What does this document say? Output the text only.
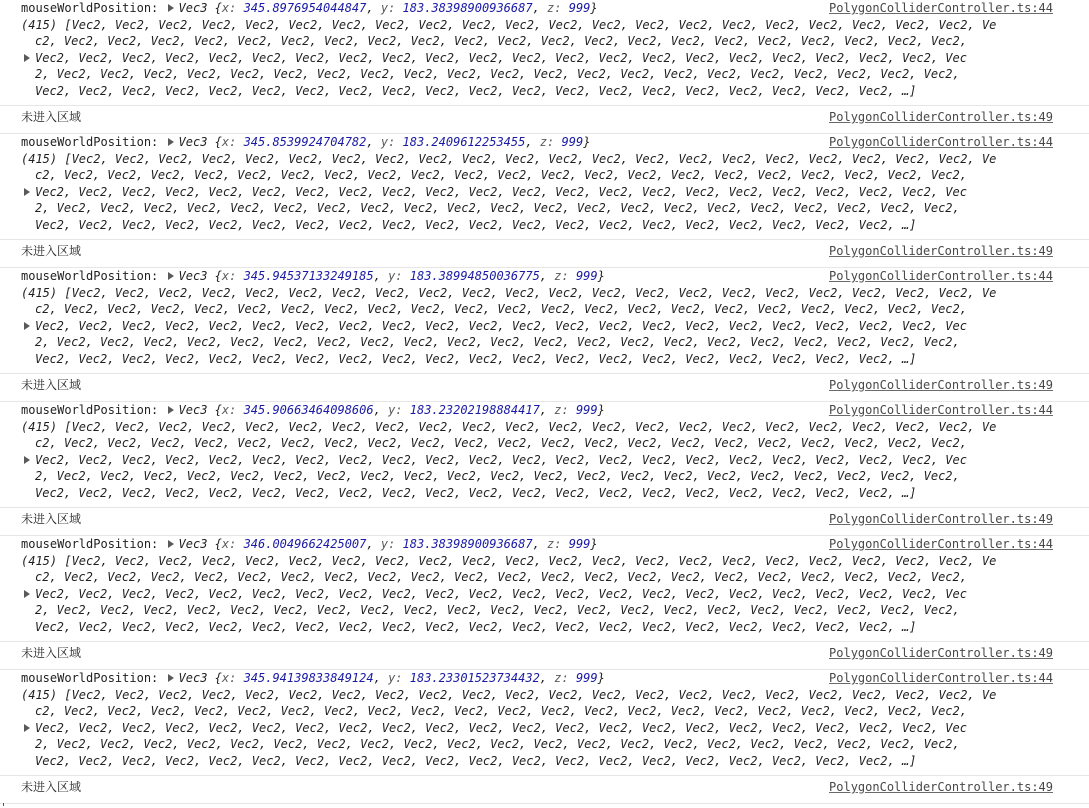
mouseWorldPosition: Vec3 {x: 345.8976954044847, y: 183.38398900936687, z: 999}	PolygonColliderController.ts:44
(415) [Vec2, Vec2, Vec2, Vec2, Vec2, Vec2, Vec2, Vec2, Vec2, Vec2, Vec2, Vec2, Vec2, Vec2, Vec2, Vec2, Vec2, Vec2, Vec2, Vec2, Vec2, Ve
c2, Vec2, Vec2, Vec2, Vec2, Vec2, Vec2, Vec2, Vec2, Vec2, Vec2, Vec2, Vec2, Vec2, Vec2, Vec2, Vec2, Vec2, Vec2, Vec2, Vec2, Vec2,
Vec2, Vec2, Vec2, Vec2, Vec2, Vec2, Vec2, Vec2, Vec2, Vec2, Vec2, Vec2, Vec2, Vec2, Vec2, Vec2, Vec2, Vec2, Vec2, Vec2, Vec2, Vec
2, Vec2, Vec2, Vec2, Vec2, Vec2, Vec2, Vec2, Vec2, Vec2, Vec2, Vec2, Vec2, Vec2, Vec2, Vec2, Vec2, Vec2, Vec2, Vec2, Vec2, Vec2,
Vec2, Vec2, Vec2, Vec2, Vec2, Vec2, Vec2, Vec2, Vec2, Vec2, Vec2, Vec2, Vec2, Vec2, Vec2, Vec2, Vec2, Vec2, Vec2, Vec2, …]
未进入区域	PolygonColliderController.ts:49
mouseWorldPosition: Vec3 {x: 345.8539924704782, y: 183.2409612253455, z: 999}	PolygonColliderController.ts:44
(415) [Vec2, Vec2, Vec2, Vec2, Vec2, Vec2, Vec2, Vec2, Vec2, Vec2, Vec2, Vec2, Vec2, Vec2, Vec2, Vec2, Vec2, Vec2, Vec2, Vec2, Vec2, Ve
c2, Vec2, Vec2, Vec2, Vec2, Vec2, Vec2, Vec2, Vec2, Vec2, Vec2, Vec2, Vec2, Vec2, Vec2, Vec2, Vec2, Vec2, Vec2, Vec2, Vec2, Vec2,
Vec2, Vec2, Vec2, Vec2, Vec2, Vec2, Vec2, Vec2, Vec2, Vec2, Vec2, Vec2, Vec2, Vec2, Vec2, Vec2, Vec2, Vec2, Vec2, Vec2, Vec2, Vec
2, Vec2, Vec2, Vec2, Vec2, Vec2, Vec2, Vec2, Vec2, Vec2, Vec2, Vec2, Vec2, Vec2, Vec2, Vec2, Vec2, Vec2, Vec2, Vec2, Vec2, Vec2,
Vec2, Vec2, Vec2, Vec2, Vec2, Vec2, Vec2, Vec2, Vec2, Vec2, Vec2, Vec2, Vec2, Vec2, Vec2, Vec2, Vec2, Vec2, Vec2, Vec2, …]
未进入区域	PolygonColliderController.ts:49
mouseWorldPosition: Vec3 {x: 345.94537133249185, y: 183.38994850036775, z: 999}	PolygonColliderController.ts:44
(415) [Vec2, Vec2, Vec2, Vec2, Vec2, Vec2, Vec2, Vec2, Vec2, Vec2, Vec2, Vec2, Vec2, Vec2, Vec2, Vec2, Vec2, Vec2, Vec2, Vec2, Vec2, Ve
c2, Vec2, Vec2, Vec2, Vec2, Vec2, Vec2, Vec2, Vec2, Vec2, Vec2, Vec2, Vec2, Vec2, Vec2, Vec2, Vec2, Vec2, Vec2, Vec2, Vec2, Vec2,
Vec2, Vec2, Vec2, Vec2, Vec2, Vec2, Vec2, Vec2, Vec2, Vec2, Vec2, Vec2, Vec2, Vec2, Vec2, Vec2, Vec2, Vec2, Vec2, Vec2, Vec2, Vec
2, Vec2, Vec2, Vec2, Vec2, Vec2, Vec2, Vec2, Vec2, Vec2, Vec2, Vec2, Vec2, Vec2, Vec2, Vec2, Vec2, Vec2, Vec2, Vec2, Vec2, Vec2,
Vec2, Vec2, Vec2, Vec2, Vec2, Vec2, Vec2, Vec2, Vec2, Vec2, Vec2, Vec2, Vec2, Vec2, Vec2, Vec2, Vec2, Vec2, Vec2, Vec2, …]
未进入区域	PolygonColliderController.ts:49
mouseWorldPosition: Vec3 {x: 345.90663464098606, y: 183.23202198884417, z: 999}	PolygonColliderController.ts:44
(415) [Vec2, Vec2, Vec2, Vec2, Vec2, Vec2, Vec2, Vec2, Vec2, Vec2, Vec2, Vec2, Vec2, Vec2, Vec2, Vec2, Vec2, Vec2, Vec2, Vec2, Vec2, Ve
c2, Vec2, Vec2, Vec2, Vec2, Vec2, Vec2, Vec2, Vec2, Vec2, Vec2, Vec2, Vec2, Vec2, Vec2, Vec2, Vec2, Vec2, Vec2, Vec2, Vec2, Vec2,
Vec2, Vec2, Vec2, Vec2, Vec2, Vec2, Vec2, Vec2, Vec2, Vec2, Vec2, Vec2, Vec2, Vec2, Vec2, Vec2, Vec2, Vec2, Vec2, Vec2, Vec2, Vec
2, Vec2, Vec2, Vec2, Vec2, Vec2, Vec2, Vec2, Vec2, Vec2, Vec2, Vec2, Vec2, Vec2, Vec2, Vec2, Vec2, Vec2, Vec2, Vec2, Vec2, Vec2,
Vec2, Vec2, Vec2, Vec2, Vec2, Vec2, Vec2, Vec2, Vec2, Vec2, Vec2, Vec2, Vec2, Vec2, Vec2, Vec2, Vec2, Vec2, Vec2, Vec2, …]
未进入区域	PolygonColliderController.ts:49
mouseWorldPosition: Vec3 {x: 346.0049662425007, y: 183.38398900936687, z: 999}	PolygonColliderController.ts:44
(415) [Vec2, Vec2, Vec2, Vec2, Vec2, Vec2, Vec2, Vec2, Vec2, Vec2, Vec2, Vec2, Vec2, Vec2, Vec2, Vec2, Vec2, Vec2, Vec2, Vec2, Vec2, Ve
c2, Vec2, Vec2, Vec2, Vec2, Vec2, Vec2, Vec2, Vec2, Vec2, Vec2, Vec2, Vec2, Vec2, Vec2, Vec2, Vec2, Vec2, Vec2, Vec2, Vec2, Vec2,
Vec2, Vec2, Vec2, Vec2, Vec2, Vec2, Vec2, Vec2, Vec2, Vec2, Vec2, Vec2, Vec2, Vec2, Vec2, Vec2, Vec2, Vec2, Vec2, Vec2, Vec2, Vec
2, Vec2, Vec2, Vec2, Vec2, Vec2, Vec2, Vec2, Vec2, Vec2, Vec2, Vec2, Vec2, Vec2, Vec2, Vec2, Vec2, Vec2, Vec2, Vec2, Vec2, Vec2,
Vec2, Vec2, Vec2, Vec2, Vec2, Vec2, Vec2, Vec2, Vec2, Vec2, Vec2, Vec2, Vec2, Vec2, Vec2, Vec2, Vec2, Vec2, Vec2, Vec2, …]
未进入区域	PolygonColliderController.ts:49
mouseWorldPosition: Vec3 {x: 345.94139833849124, y: 183.23301523734432, z: 999}	PolygonColliderController.ts:44
(415) [Vec2, Vec2, Vec2, Vec2, Vec2, Vec2, Vec2, Vec2, Vec2, Vec2, Vec2, Vec2, Vec2, Vec2, Vec2, Vec2, Vec2, Vec2, Vec2, Vec2, Vec2, Ve
c2, Vec2, Vec2, Vec2, Vec2, Vec2, Vec2, Vec2, Vec2, Vec2, Vec2, Vec2, Vec2, Vec2, Vec2, Vec2, Vec2, Vec2, Vec2, Vec2, Vec2, Vec2,
Vec2, Vec2, Vec2, Vec2, Vec2, Vec2, Vec2, Vec2, Vec2, Vec2, Vec2, Vec2, Vec2, Vec2, Vec2, Vec2, Vec2, Vec2, Vec2, Vec2, Vec2, Vec
2, Vec2, Vec2, Vec2, Vec2, Vec2, Vec2, Vec2, Vec2, Vec2, Vec2, Vec2, Vec2, Vec2, Vec2, Vec2, Vec2, Vec2, Vec2, Vec2, Vec2, Vec2,
Vec2, Vec2, Vec2, Vec2, Vec2, Vec2, Vec2, Vec2, Vec2, Vec2, Vec2, Vec2, Vec2, Vec2, Vec2, Vec2, Vec2, Vec2, Vec2, Vec2, …]
未进入区域	PolygonColliderController.ts:49
